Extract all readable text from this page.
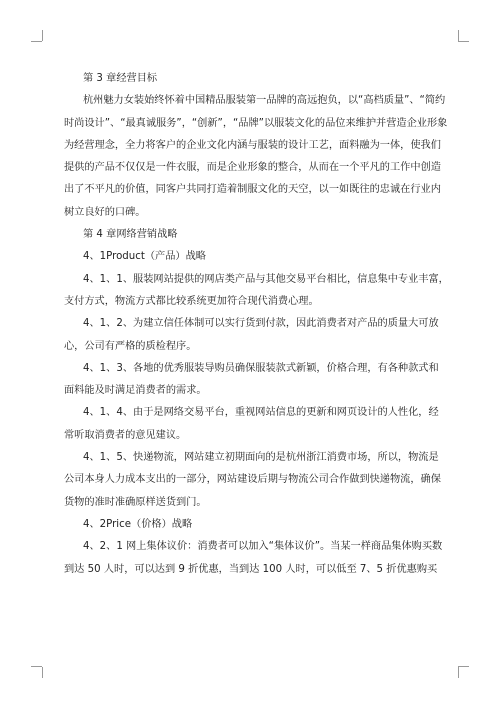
第 3 章经营目标
杭州魅力女装始终怀着中国精品服装第一品牌的高远抱负，以“高档质量”、“简约
时尚设计”、“最真诚服务”，“创新”，“品牌”以服装文化的品位来维护并营造企业形象
为经营理念，全力将客户的企业文化内涵与服装的设计工艺，面料融为一体，使我们
提供的产品不仅仅是一件衣服，而是企业形象的整合，从而在一个平凡的工作中创造
出了不平凡的价值，同客户共同打造着制服文化的天空，以一如既往的忠诚在行业内
树立良好的口碑。
第 4 章网络营销战略
4、1Product（产品）战略
4、1、1、服装网站提供的网店类产品与其他交易平台相比，信息集中专业丰富，
支付方式，物流方式都比较系统更加符合现代消费心理。
4、1、2、为建立信任体制可以实行货到付款，因此消费者对产品的质量大可放
心，公司有严格的质检程序。
4、1、3、各地的优秀服装导购员确保服装款式新颖，价格合理，有各种款式和
面料能及时满足消费者的需求。
4、1、4、由于是网络交易平台，重视网站信息的更新和网页设计的人性化，经
常听取消费者的意见建议。
4、1、5、快递物流，网站建立初期面向的是杭州浙江消费市场，所以，物流是
公司本身人力成本支出的一部分，网站建设后期与物流公司合作做到快递物流，确保
货物的准时准确原样送货到门。
4、2Price（价格）战略
4、2、1 网上集体议价：消费者可以加入“集体议价”。当某一样商品集体购买数
到达 50 人时，可以达到 9 折优惠，当到达 100 人时，可以低至 7、5 折优惠购买
